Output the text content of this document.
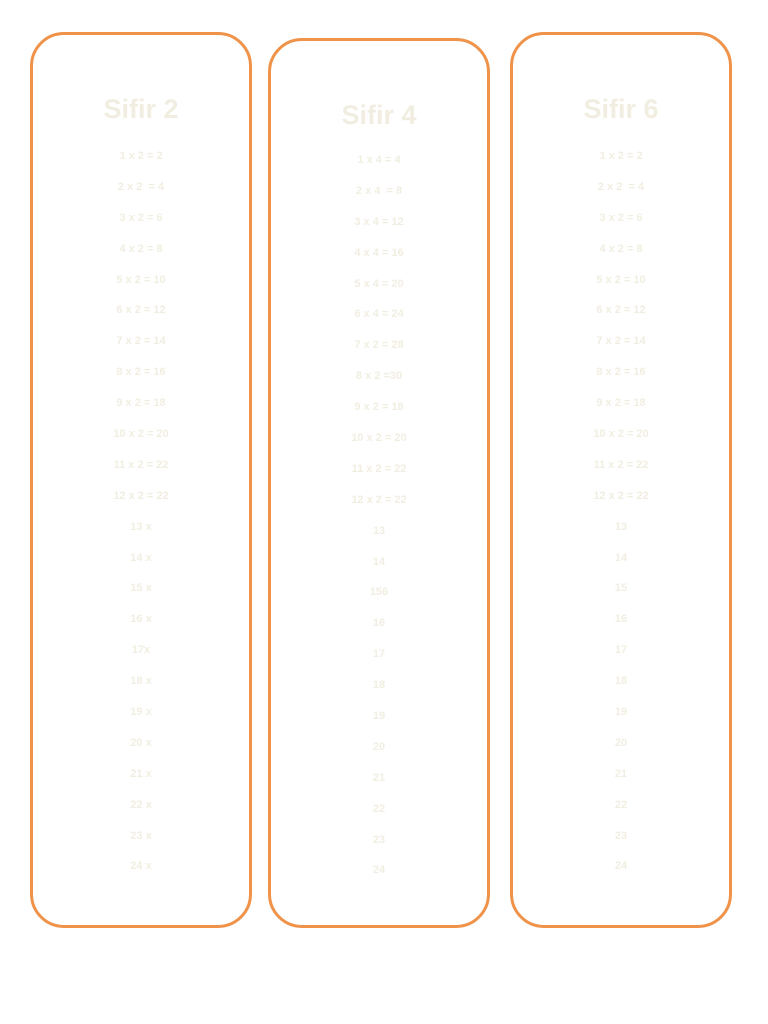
Sifir 2
1 x 2 = 2
2 x 2  = 4
3 x 2 = 6
4 x 2 = 8
5 x 2 = 10
6 x 2 = 12
7 x 2 = 14
8 x 2 = 16
9 x 2 = 18
10 x 2 = 20
11 x 2 = 22
12 x 2 = 22
13 x
14 x
15 x
16 x
17x
18 x
19 x
20 x
21 x
22 x
23 x
24 x
Sifir 4
1 x 4 = 4
2 x 4  = 8
3 x 4 = 12
4 x 4 = 16
5 x 4 = 20
6 x 4 = 24
7 x 2 = 28
8 x 2 =30
9 x 2 = 18
10 x 2 = 20
11 x 2 = 22
12 x 2 = 22
13
14
156
16
17
18
19
20
21
22
23
24
Sifir 6
1 x 2 = 2
2 x 2  = 4
3 x 2 = 6
4 x 2 = 8
5 x 2 = 10
6 x 2 = 12
7 x 2 = 14
8 x 2 = 16
9 x 2 = 18
10 x 2 = 20
11 x 2 = 22
12 x 2 = 22
13
14
15
16
17
18
19
20
21
22
23
24
